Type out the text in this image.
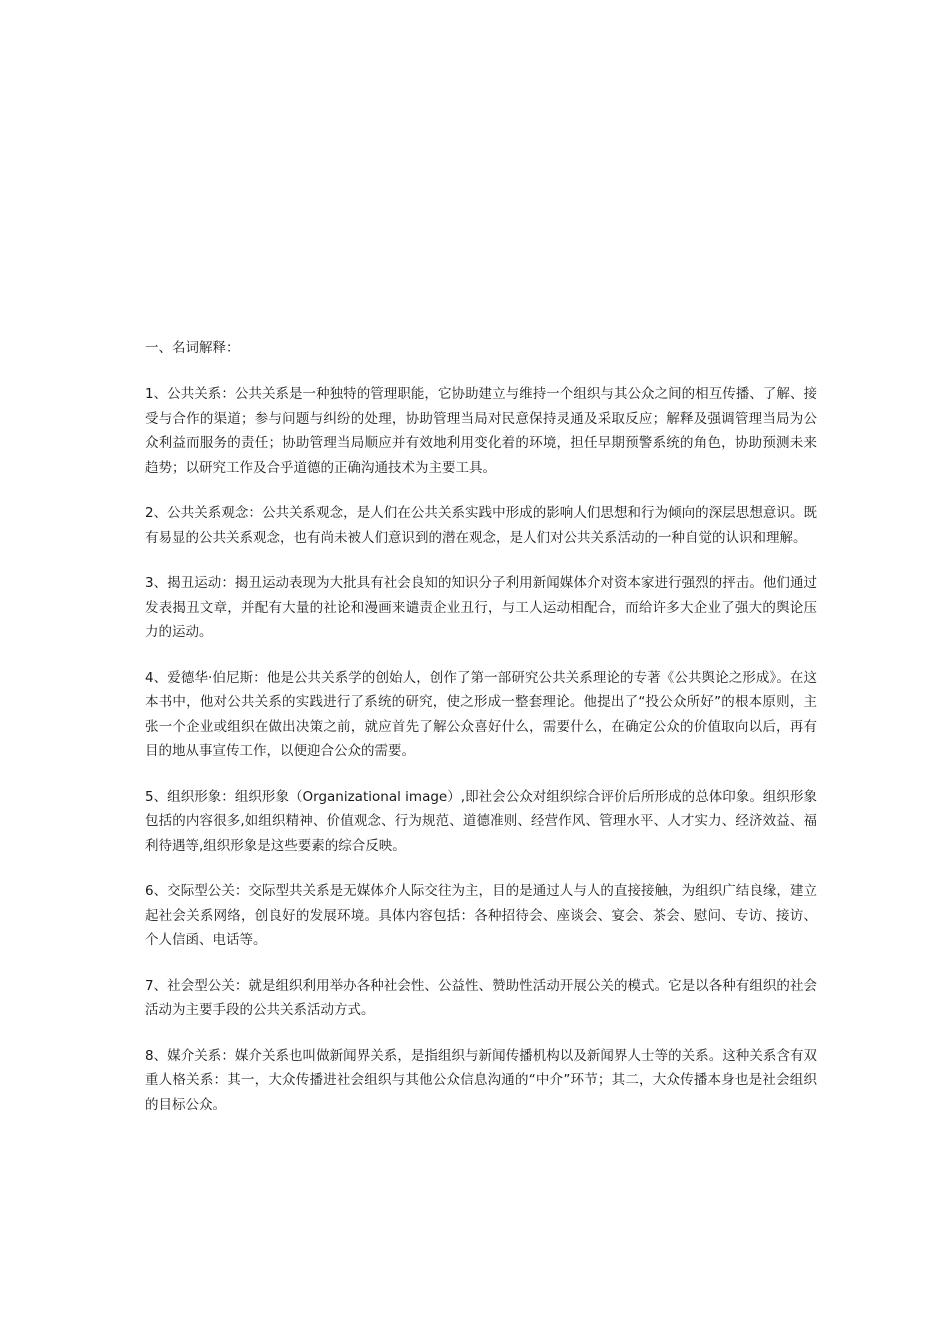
一、名词解释：

1、公共关系：公共关系是一种独特的管理职能，它协助建立与维持一个组织与其公众之间的相互传播、了解、接受与合作的渠道；参与问题与纠纷的处理，协助管理当局对民意保持灵通及采取反应；解释及强调管理当局为公众利益而服务的责任；协助管理当局顺应并有效地利用变化着的环境，担任早期预警系统的角色，协助预测未来趋势；以研究工作及合乎道德的正确沟通技术为主要工具。

2、公共关系观念：公共关系观念，是人们在公共关系实践中形成的影响人们思想和行为倾向的深层思想意识。既有易显的公共关系观念，也有尚未被人们意识到的潜在观念，是人们对公共关系活动的一种自觉的认识和理解。

3、揭丑运动：揭丑运动表现为大批具有社会良知的知识分子利用新闻媒体介对资本家进行强烈的抨击。他们通过发表揭丑文章，并配有大量的社论和漫画来谴责企业丑行，与工人运动相配合，而给许多大企业了强大的舆论压力的运动。

4、爱德华·伯尼斯：他是公共关系学的创始人，创作了第一部研究公共关系理论的专著《公共舆论之形成》。在这本书中，他对公共关系的实践进行了系统的研究，使之形成一整套理论。他提出了“投公众所好”的根本原则，主张一个企业或组织在做出决策之前，就应首先了解公众喜好什么，需要什么，在确定公众的价值取向以后，再有目的地从事宣传工作，以便迎合公众的需要。

5、组织形象：组织形象（Organizational image）,即社会公众对组织综合评价后所形成的总体印象。组织形象包括的内容很多,如组织精神、价值观念、行为规范、道德准则、经营作风、管理水平、人才实力、经济效益、福利待遇等,组织形象是这些要素的综合反映。

6、交际型公关：交际型共关系是无媒体介人际交往为主，目的是通过人与人的直接接触，为组织广结良缘，建立起社会关系网络，创良好的发展环境。具体内容包括：各种招待会、座谈会、宴会、茶会、慰问、专访、接访、个人信函、电话等。

7、社会型公关：就是组织利用举办各种社会性、公益性、赞助性活动开展公关的模式。它是以各种有组织的社会活动为主要手段的公共关系活动方式。

8、媒介关系：媒介关系也叫做新闻界关系，是指组织与新闻传播机构以及新闻界人士等的关系。这种关系含有双重人格关系：其一，大众传播进社会组织与其他公众信息沟通的“中介”环节；其二，大众传播本身也是社会组织的目标公众。
